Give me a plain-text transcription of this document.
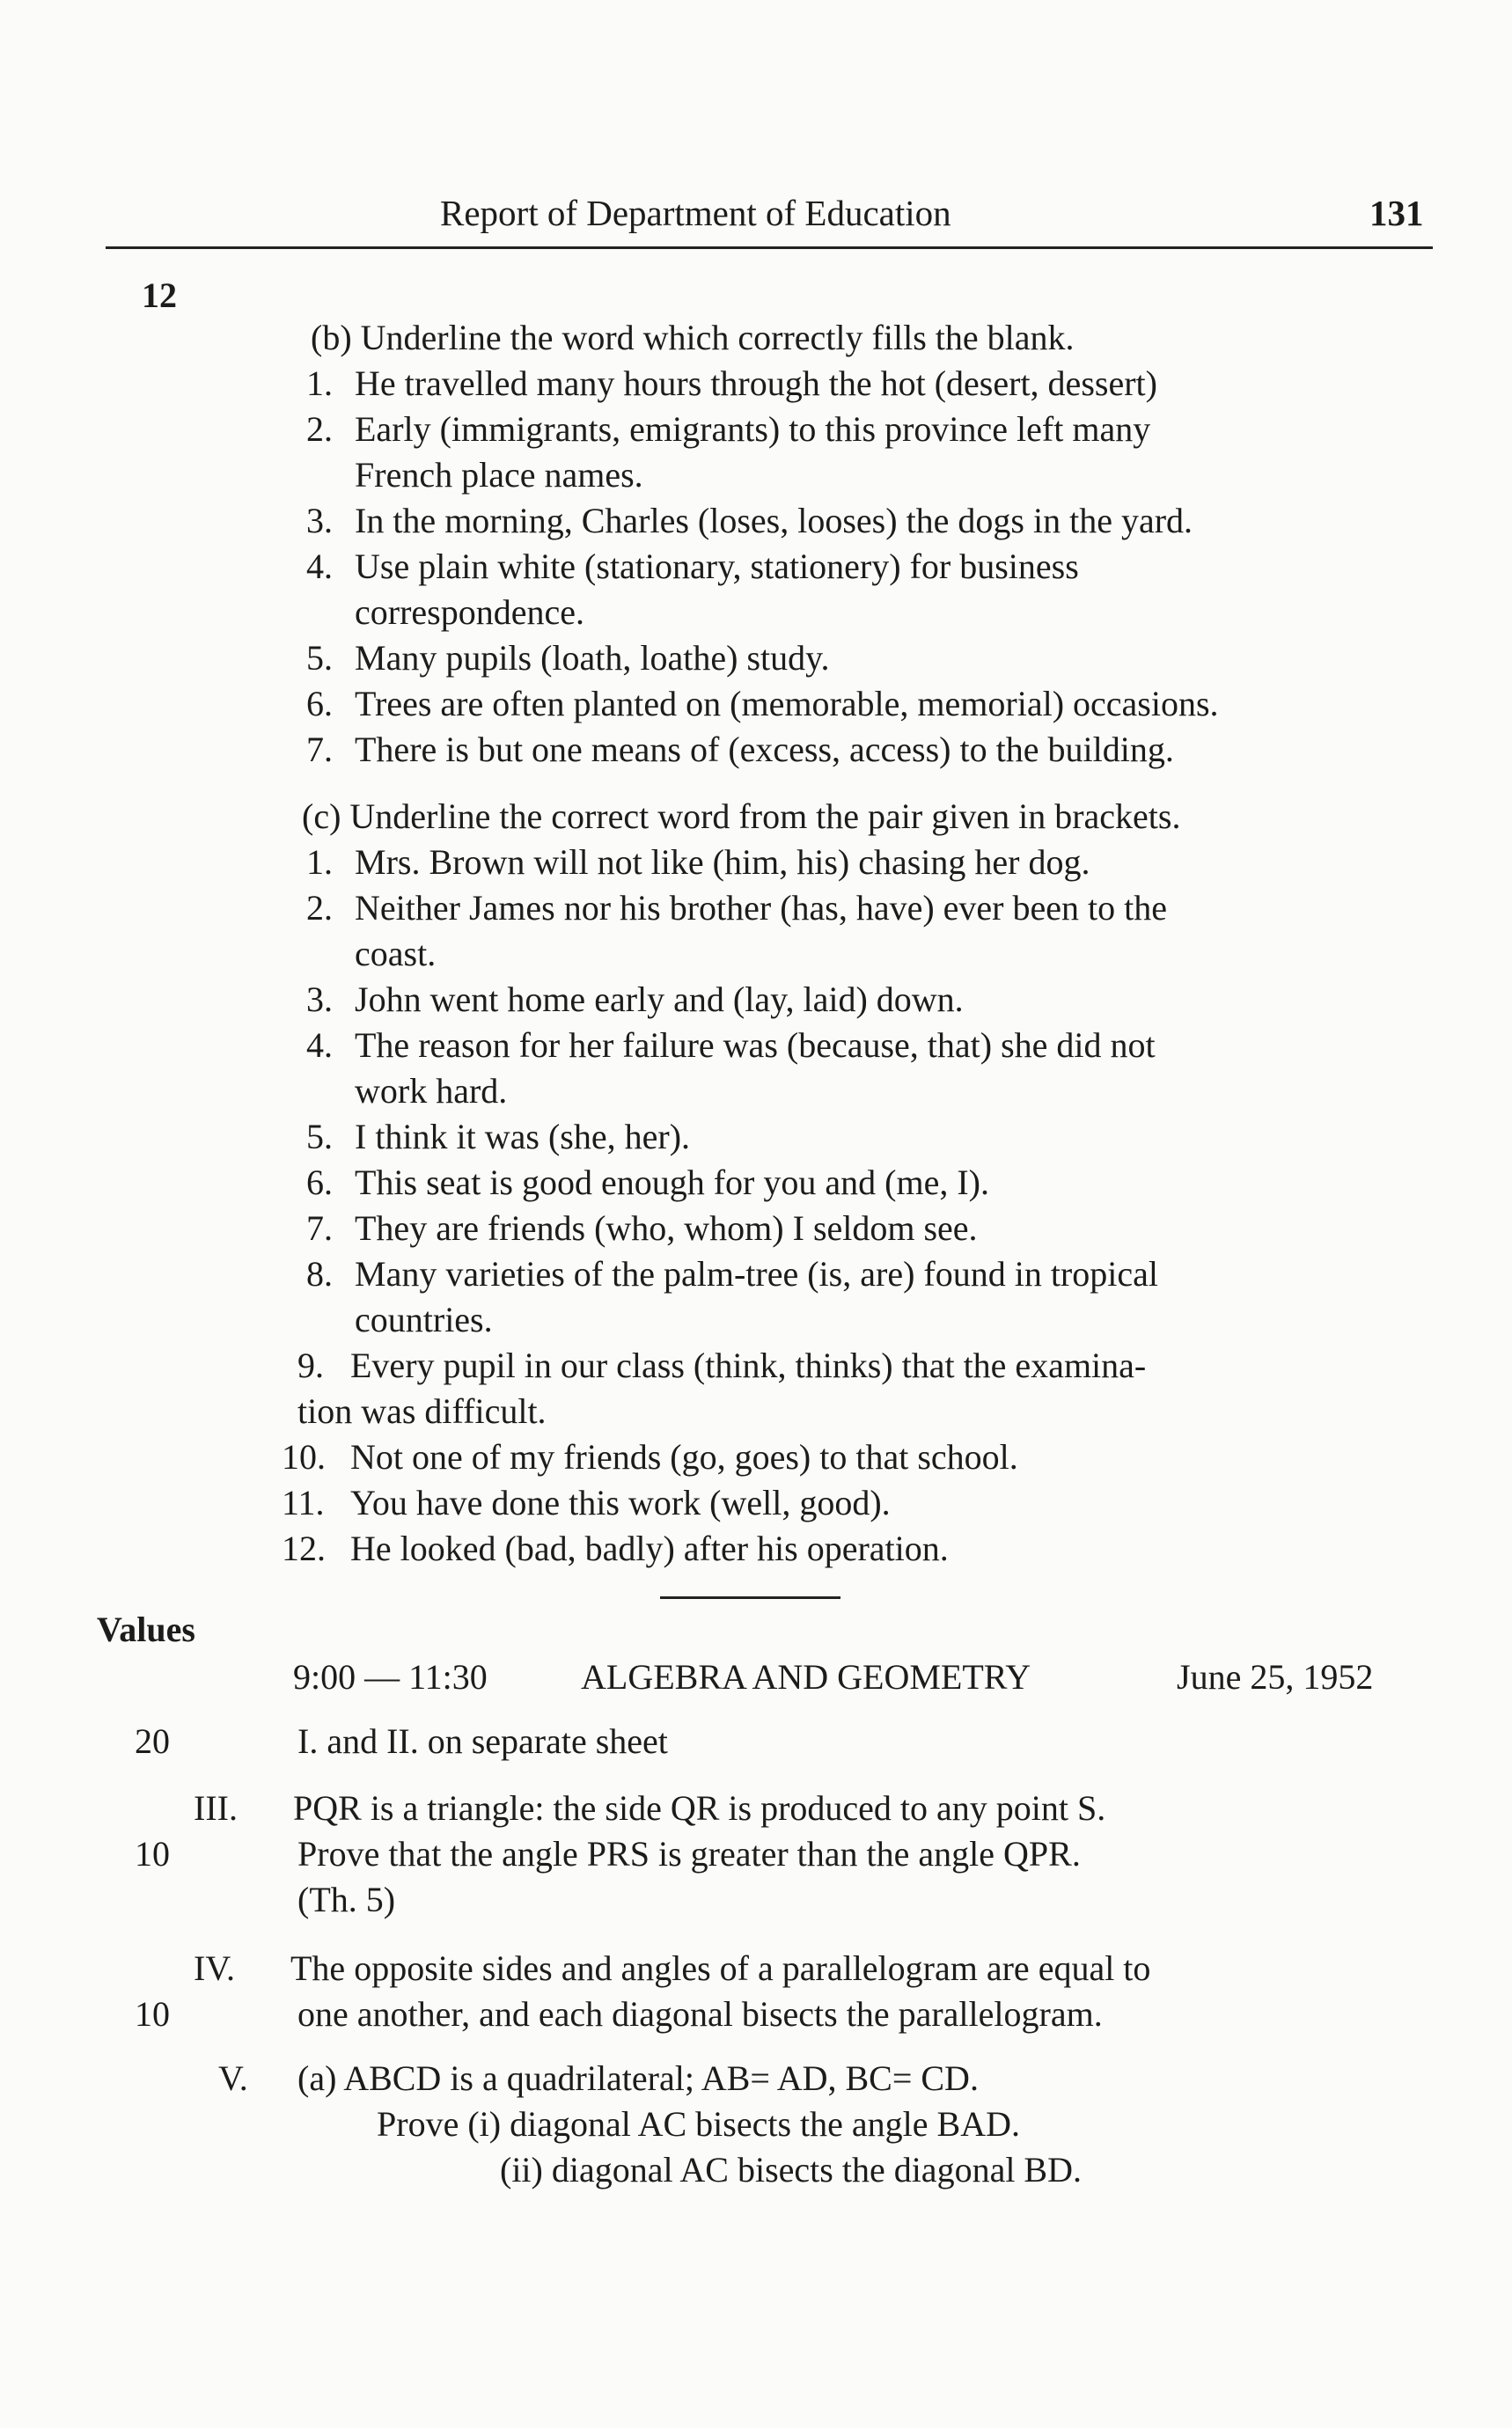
Report of Department of Education	131
12
(b) Underline the word which correctly fills the blank.
1. He travelled many hours through the hot (desert, dessert)
2. Early (immigrants, emigrants) to this province left many
French place names.
3. In the morning, Charles (loses, looses) the dogs in the yard.
4. Use plain white (stationary, stationery) for business
correspondence.
5. Many pupils (loath, loathe) study.
6. Trees are often planted on (memorable, memorial) occasions.
7. There is but one means of (excess, access) to the building.
(c) Underline the correct word from the pair given in brackets.
1. Mrs. Brown will not like (him, his) chasing her dog.
2. Neither James nor his brother (has, have) ever been to the
coast.
3. John went home early and (lay, laid) down.
4. The reason for her failure was (because, that) she did not
work hard.
5. I think it was (she, her).
6. This seat is good enough for you and (me, I).
7. They are friends (who, whom) I seldom see.
8. Many varieties of the palm-tree (is, are) found in tropical
countries.
9. Every pupil in our class (think, thinks) that the examina-
tion was difficult.
10. Not one of my friends (go, goes) to that school.
11. You have done this work (well, good).
12. He looked (bad, badly) after his operation.
Values
9:00 — 11:30	ALGEBRA AND GEOMETRY	June 25, 1952
20	I. and II. on separate sheet
III. PQR is a triangle: the side QR is produced to any point S.
10	Prove that the angle PRS is greater than the angle QPR.
(Th. 5)
IV. The opposite sides and angles of a parallelogram are equal to
10	one another, and each diagonal bisects the parallelogram.
V. (a) ABCD is a quadrilateral; AB= AD, BC= CD.
Prove (i) diagonal AC bisects the angle BAD.
(ii) diagonal AC bisects the diagonal BD.
